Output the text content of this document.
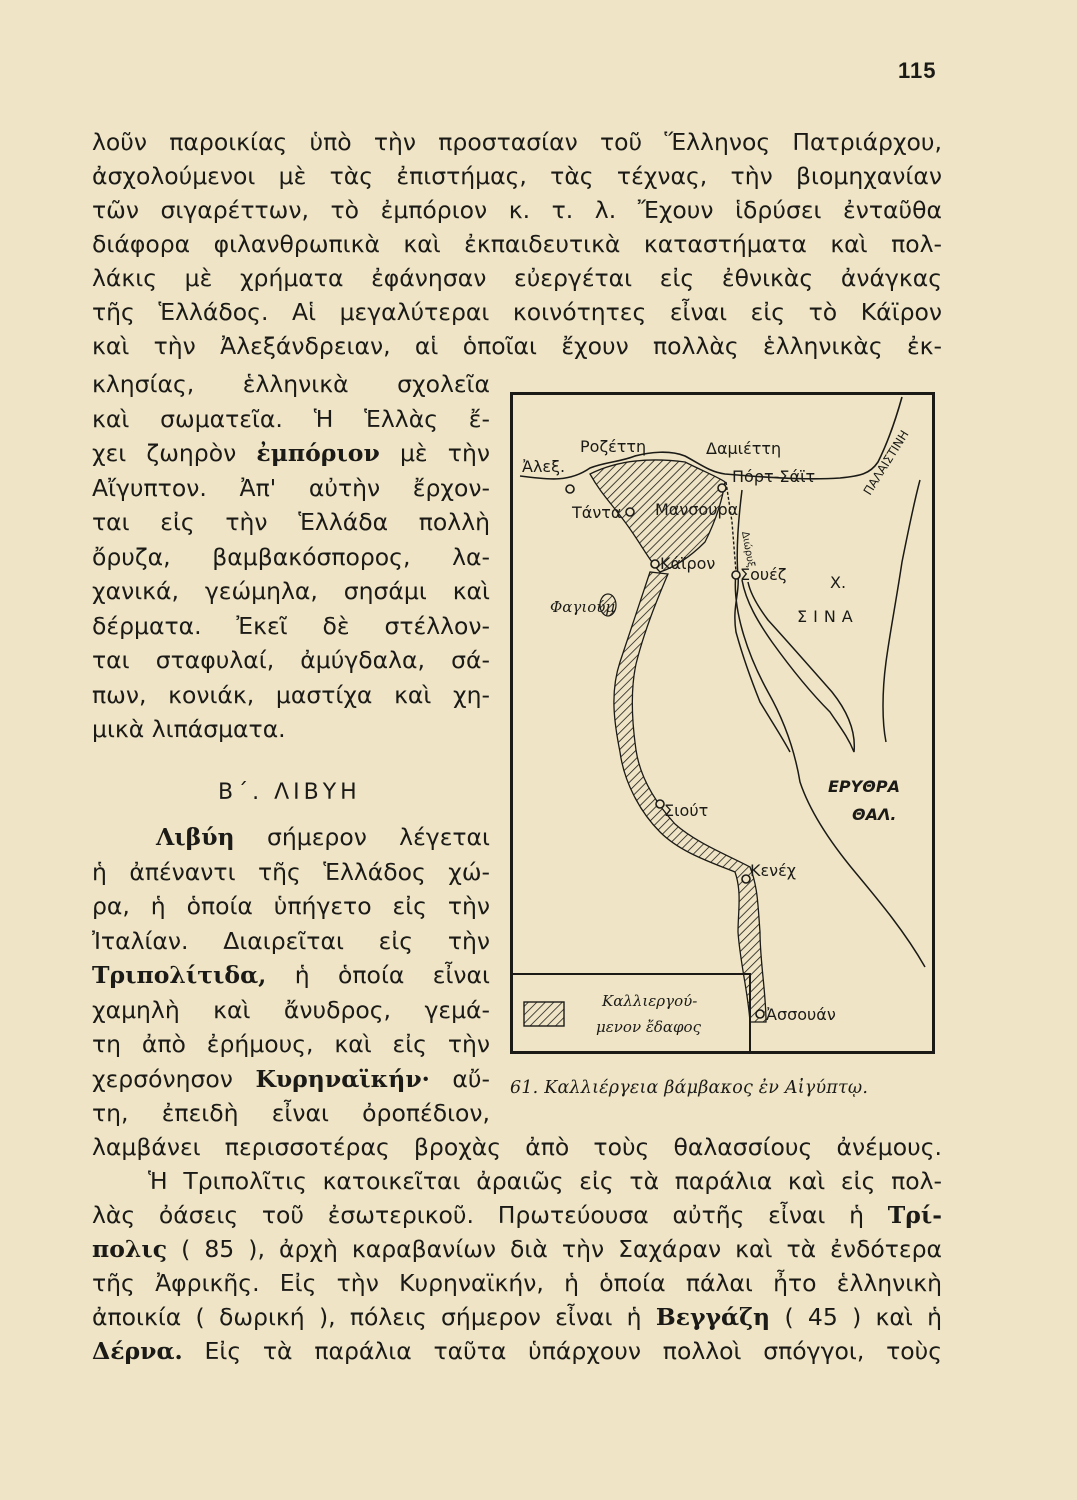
115
λοῦν παροικίας ὑπὸ τὴν προστασίαν τοῦ Ἕλληνος Πατριάρχου,
ἀσχολούμενοι μὲ τὰς ἐπιστήμας, τὰς τέχνας, τὴν βιομηχανίαν
τῶν σιγαρέττων, τὸ ἐμπόριον κ. τ. λ. Ἔχουν ἱδρύσει ἐνταῦθα
διάφορα φιλανθρωπικὰ καὶ ἐκπαιδευτικὰ καταστήματα καὶ πολ-
λάκις μὲ χρήματα ἐφάνησαν εὐεργέται εἰς ἐθνικὰς ἀνάγκας
τῆς Ἑλλάδος. Αἱ μεγαλύτεραι κοινότητες εἶναι εἰς τὸ Κάϊρον
καὶ τὴν Ἀλεξάνδρειαν, αἱ ὁποῖαι ἔχουν πολλὰς ἑλληνικὰς ἐκ-
κλησίας, ἑλληνικὰ σχολεῖα
καὶ σωματεῖα. Ἡ Ἑλλὰς ἔ-
χει ζωηρὸν ἐμπόριον μὲ τὴν
Αἴγυπτον. Ἀπ' αὐτὴν ἔρχον-
ται εἰς τὴν Ἑλλάδα πολλὴ
ὄρυζα, βαμβακόσπορος, λα-
χανικά, γεώμηλα, σησάμι καὶ
δέρματα. Ἐκεῖ δὲ στέλλον-
ται σταφυλαί, ἀμύγδαλα, σά-
πων, κονιάκ, μαστίχα καὶ χη-
μικὰ λιπάσματα.
Β΄. ΛΙΒΥΗ
Λιβύη σήμερον λέγεται
ἡ ἀπέναντι τῆς Ἑλλάδος χώ-
ρα, ἡ ὁποία ὑπήγετο εἰς τὴν
Ἰταλίαν. Διαιρεῖται εἰς τὴν
Τριπολίτιδα, ἡ ὁποία εἶναι
χαμηλὴ καὶ ἄνυδρος, γεμά-
τη ἀπὸ ἐρήμους, καὶ εἰς τὴν
χερσόνησον Κυρηναϊκήν· αὔ-
τη, ἐπειδὴ εἶναι ὀροπέδιον,
λαμβάνει περισσοτέρας βροχὰς ἀπὸ τοὺς θαλασσίους ἀνέμους.
Ἡ Τριπολῖτις κατοικεῖται ἀραιῶς εἰς τὰ παράλια καὶ εἰς πολ-
λὰς ὀάσεις τοῦ ἐσωτερικοῦ. Πρωτεύουσα αὐτῆς εἶναι ἡ Τρί-
πολις ( 85 ), ἀρχὴ καραβανίων διὰ τὴν Σαχάραν καὶ τὰ ἐνδότερα
τῆς Ἀφρικῆς. Εἰς τὴν Κυρηναϊκήν, ἡ ὁποία πάλαι ἦτο ἑλληνικὴ
ἀποικία ( δωρική ), πόλεις σήμερον εἶναι ἡ Βεγγάζη ( 45 ) καὶ ἡ
Δέρνα. Εἰς τὰ παράλια ταῦτα ὑπάρχουν πολλοὶ σπόγγοι, τοὺς
Ροζέττη
Ἀλεξ.
Δαμιέττη
Πόρτ-Σάϊτ	ΠΑΛΑΙΣΤΙΝΗ
Τάντα Μανσούρα
Διώρυξ
Κάϊρον
Σουέζ	Χ.
ΣΙΝΑ
Φαγιούμ
ΕΡΥΘΡΑ
ΘΑΛ.
Σιούτ
Κενέχ
Ἀσσουάν
Καλλιεργού-
μενον ἔδαφος
61. Καλλιέργεια βάμβακος ἐν Αἰγύπτῳ.
